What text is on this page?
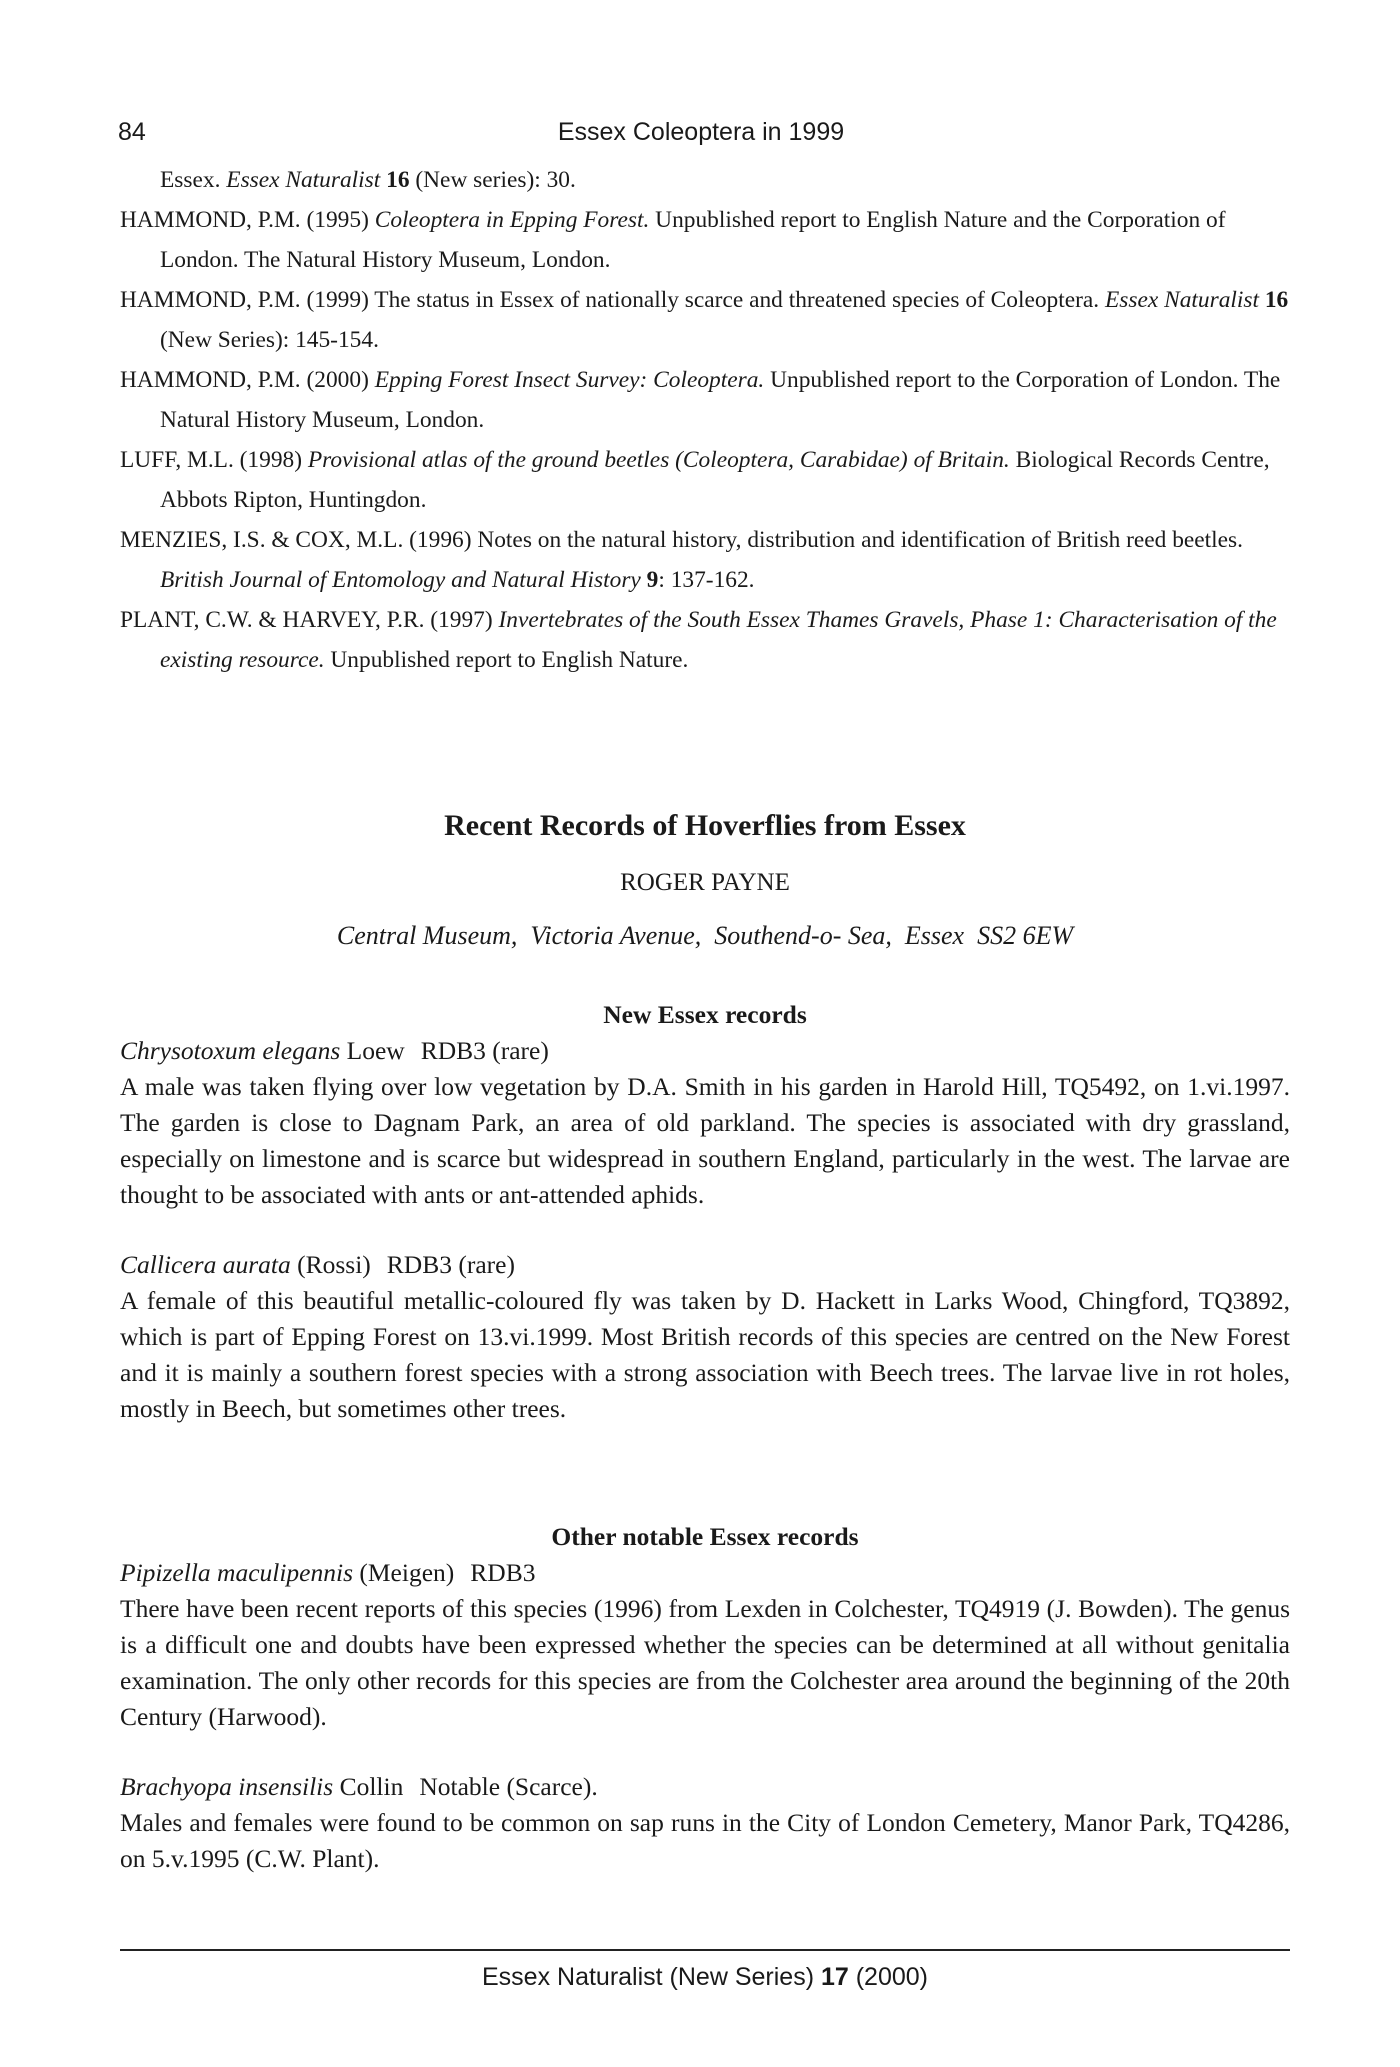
84	Essex Coleoptera in 1999
Essex. Essex Naturalist 16 (New series): 30.
HAMMOND, P.M. (1995) Coleoptera in Epping Forest. Unpublished report to English Nature and the Corporation of London. The Natural History Museum, London.
HAMMOND, P.M. (1999) The status in Essex of nationally scarce and threatened species of Coleoptera. Essex Naturalist 16 (New Series): 145-154.
HAMMOND, P.M. (2000) Epping Forest Insect Survey: Coleoptera. Unpublished report to the Corporation of London. The Natural History Museum, London.
LUFF, M.L. (1998) Provisional atlas of the ground beetles (Coleoptera, Carabidae) of Britain. Biological Records Centre, Abbots Ripton, Huntingdon.
MENZIES, I.S. & COX, M.L. (1996) Notes on the natural history, distribution and identification of British reed beetles. British Journal of Entomology and Natural History 9: 137-162.
PLANT, C.W. & HARVEY, P.R. (1997) Invertebrates of the South Essex Thames Gravels, Phase 1: Characterisation of the existing resource. Unpublished report to English Nature.
Recent Records of Hoverflies from Essex

ROGER PAYNE

Central Museum,  Victoria Avenue,  Southend-o- Sea,  Essex  SS2 6EW

New Essex records

Chrysotoxum elegans Loew RDB3 (rare)

A male was taken flying over low vegetation by D.A. Smith in his garden in Harold Hill, TQ5492, on 1.vi.1997. The garden is close to Dagnam Park, an area of old parkland. The species is associated with dry grassland, especially on limestone and is scarce but widespread in southern England, particularly in the west. The larvae are thought to be associated with ants or ant-attended aphids.

Callicera aurata (Rossi) RDB3 (rare)

A female of this beautiful metallic-coloured fly was taken by D. Hackett in Larks Wood, Chingford, TQ3892, which is part of Epping Forest on 13.vi.1999. Most British records of this species are centred on the New Forest and it is mainly a southern forest species with a strong association with Beech trees. The larvae live in rot holes, mostly in Beech, but sometimes other trees.

Other notable Essex records

Pipizella maculipennis (Meigen) RDB3

There have been recent reports of this species (1996) from Lexden in Colchester, TQ4919 (J. Bowden). The genus is a difficult one and doubts have been expressed whether the species can be determined at all without genitalia examination. The only other records for this species are from the Colchester area around the beginning of the 20th Century (Harwood).

Brachyopa insensilis Collin Notable (Scarce).

Males and females were found to be common on sap runs in the City of London Cemetery, Manor Park, TQ4286, on 5.v.1995 (C.W. Plant).

Essex Naturalist (New Series) 17 (2000)
